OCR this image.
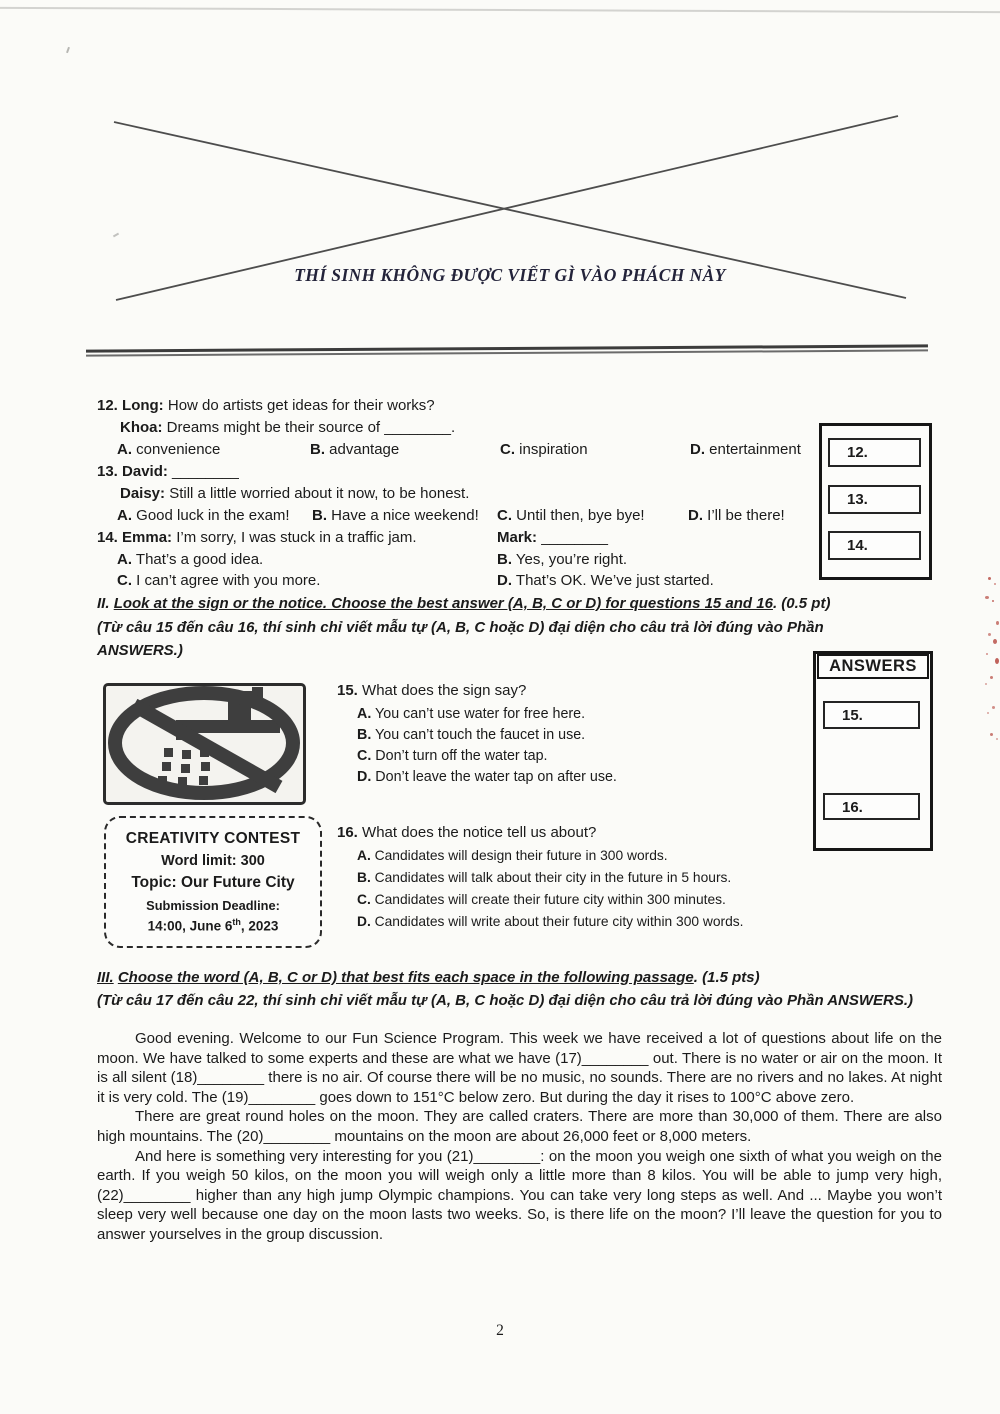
THÍ SINH KHÔNG ĐƯỢC VIẾT GÌ VÀO PHÁCH NÀY
12. Long: How do artists get ideas for their works?
Khoa: Dreams might be their source of ________.
A. convenience	B. advantage	C. inspiration	D. entertainment
13. David: ________
Daisy: Still a little worried about it now, to be honest.
A. Good luck in the exam! B. Have a nice weekend! C. Until then, bye bye!	D. I’ll be there!
14. Emma: I’m sorry, I was stuck in a traffic jam.	Mark: ________
A. That’s a good idea.	B. Yes, you’re right.
C. I can’t agree with you more.	D. That’s OK. We’ve just started.
12.
13.
14.
II. Look at the sign or the notice. Choose the best answer (A, B, C or D) for questions 15 and 16. (0.5 pt)
(Từ câu 15 đến câu 16, thí sinh chỉ viết mẫu tự (A, B, C hoặc D) đại diện cho câu trả lời đúng vào Phần ANSWERS.)
ANSWERS
15.
16.
15. What does the sign say?
A. You can’t use water for free here.
B. You can’t touch the faucet in use.
C. Don’t turn off the water tap.
D. Don’t leave the water tap on after use.
CREATIVITY CONTEST
Word limit: 300
Topic: Our Future City
Submission Deadline:
14:00, June 6th, 2023
16. What does the notice tell us about?
A. Candidates will design their future in 300 words.
B. Candidates will talk about their city in the future in 5 hours.
C. Candidates will create their future city within 300 minutes.
D. Candidates will write about their future city within 300 words.
III. Choose the word (A, B, C or D) that best fits each space in the following passage. (1.5 pts)
(Từ câu 17 đến câu 22, thí sinh chỉ viết mẫu tự (A, B, C hoặc D) đại diện cho câu trả lời đúng vào Phần ANSWERS.)

Good evening. Welcome to our Fun Science Program. This week we have received a lot of questions about life on the moon. We have talked to some experts and these are what we have (17)________ out. There is no water or air on the moon. It is all silent (18)________ there is no air. Of course there will be no music, no sounds. There are no rivers and no lakes. At night it is very cold. The (19)________ goes down to 151°C below zero. But during the day it rises to 100°C above zero.

There are great round holes on the moon. They are called craters. There are more than 30,000 of them. There are also high mountains. The (20)________ mountains on the moon are about 26,000 feet or 8,000 meters.

And here is something very interesting for you (21)________: on the moon you weigh one sixth of what you weigh on the earth. If you weigh 50 kilos, on the moon you will weigh only a little more than 8 kilos. You will be able to jump very high, (22)________ higher than any high jump Olympic champions. You can take very long steps as well. And ... Maybe you won’t sleep very well because one day on the moon lasts two weeks. So, is there life on the moon? I’ll leave the question for you to answer yourselves in the group discussion.

2
